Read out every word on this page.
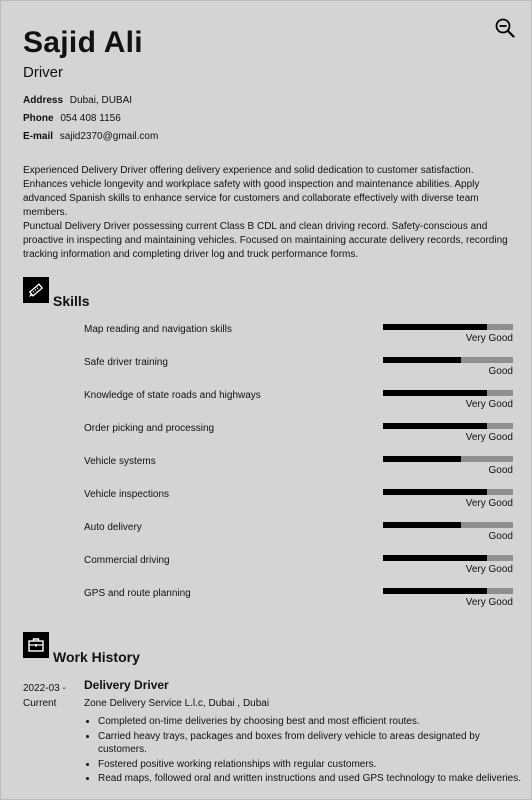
Sajid Ali
Driver
Address Dubai, DUBAI
Phone 054 408 1156
E-mail sajid2370@gmail.com

Experienced Delivery Driver offering delivery experience and solid dedication to customer satisfaction. Enhances vehicle longevity and workplace safety with good inspection and maintenance abilities. Apply advanced Spanish skills to enhance service for customers and collaborate effectively with diverse team members.

Punctual Delivery Driver possessing current Class B CDL and clean driving record. Safety-conscious and proactive in inspecting and maintaining vehicles. Focused on maintaining accurate delivery records, recording tracking information and completing driver log and truck performance forms.

Skills
Map reading and navigation skills
Very Good
Safe driver training
Good
Knowledge of state roads and highways
Very Good
Order picking and processing
Very Good
Vehicle systems
Good
Vehicle inspections
Very Good
Auto delivery
Good
Commercial driving
Very Good
GPS and route planning
Very Good
Work History
2022-03 -
Current
Delivery Driver
Zone Delivery Service L.l.c, Dubai , Dubai
• Completed on-time deliveries by choosing best and most efficient routes.
• Carried heavy trays, packages and boxes from delivery vehicle to areas designated by customers.
• Fostered positive working relationships with regular customers.
• Read maps, followed oral and written instructions and used GPS technology to make deliveries.
